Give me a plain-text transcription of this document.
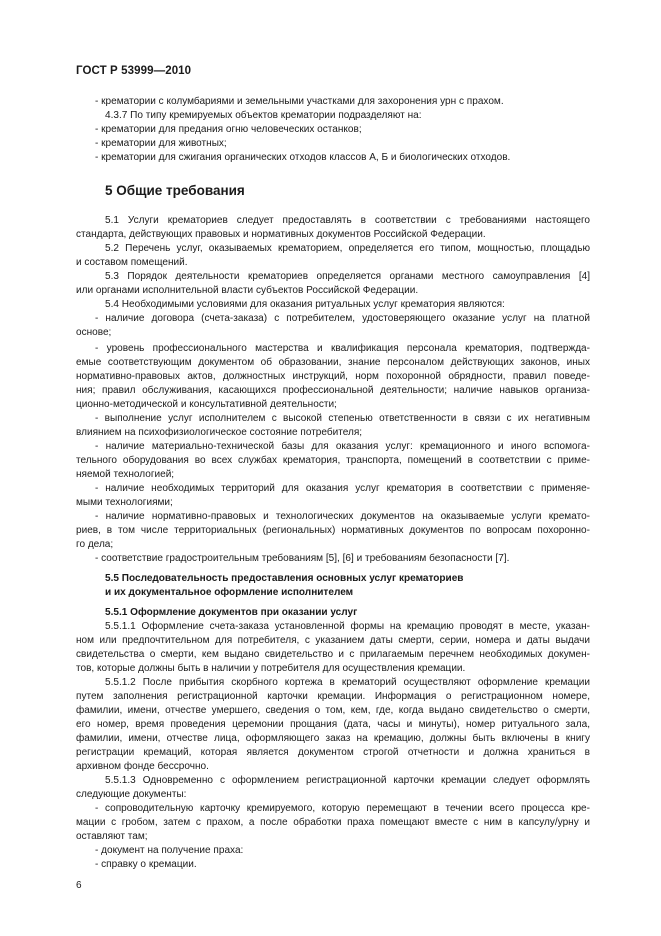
ГОСТ Р 53999—2010
5 Общие требования
- крематории с колумбариями и земельными участками для захоронения урн с прахом.
4.3.7 По типу кремируемых объектов крематории подразделяют на:
- крематории для предания огню человеческих останков;
- крематории для животных;
- крематории для сжигания органических отходов классов А, Б и биологических отходов.
5.1 Услуги крематориев следует предоставлять в соответствии с требованиями настоящего
стандарта, действующих правовых и нормативных документов Российской Федерации.
5.2 Перечень услуг, оказываемых крематорием, определяется его типом, мощностью, площадью
и составом помещений.
5.3 Порядок деятельности крематориев определяется органами местного самоуправления [4]
или органами исполнительной власти субъектов Российской Федерации.
5.4 Необходимыми условиями для оказания ритуальных услуг крематория являются:
- наличие договора (счета-заказа) с потребителем, удостоверяющего оказание услуг на платной
основе;
- уровень профессионального мастерства и квалификация персонала крематория, подтвержда-
емые соответствующим документом об образовании, знание персоналом действующих законов, иных
нормативно-правовых актов, должностных инструкций, норм похоронной обрядности, правил поведе-
ния; правил обслуживания, касающихся профессиональной деятельности; наличие навыков организа-
ционно-методической и консультативной деятельности;
- выполнение услуг исполнителем с высокой степенью ответственности в связи с их негативным
влиянием на психофизиологическое состояние потребителя;
- наличие материально-технической базы для оказания услуг: кремационного и иного вспомога-
тельного оборудования во всех службах крематория, транспорта, помещений в соответствии с приме-
няемой технологией;
- наличие необходимых территорий для оказания услуг крематория в соответствии с применяе-
мыми технологиями;
- наличие нормативно-правовых и технологических документов на оказываемые услуги кремато-
риев, в том числе территориальных (региональных) нормативных документов по вопросам похоронно-
го дела;
- соответствие градостроительным требованиям [5], [6] и требованиям безопасности [7].
5.5 Последовательность предоставления основных услуг крематориев
и их документальное оформление исполнителем
5.5.1 Оформление документов при оказании услуг
5.5.1.1 Оформление счета-заказа установленной формы на кремацию проводят в месте, указан-
ном или предпочтительном для потребителя, с указанием даты смерти, серии, номера и даты выдачи
свидетельства о смерти, кем выдано свидетельство и с прилагаемым перечнем необходимых докумен-
тов, которые должны быть в наличии у потребителя для осуществления кремации.
5.5.1.2 После прибытия скорбного кортежа в крематорий осуществляют оформление кремации
путем заполнения регистрационной карточки кремации. Информация о регистрационном номере,
фамилии, имени, отчестве умершего, сведения о том, кем, где, когда выдано свидетельство о смерти,
его номер, время проведения церемонии прощания (дата, часы и минуты), номер ритуального зала,
фамилии, имени, отчестве лица, оформляющего заказ на кремацию, должны быть включены в книгу
регистрации кремаций, которая является документом строгой отчетности и должна храниться в
архивном фонде бессрочно.
5.5.1.3 Одновременно с оформлением регистрационной карточки кремации следует оформлять
следующие документы:
- сопроводительную карточку кремируемого, которую перемещают в течении всего процесса кре-
мации с гробом, затем с прахом, а после обработки праха помещают вместе с ним в капсулу/урну и
оставляют там;
- документ на получение праха:
- справку о кремации.
6
